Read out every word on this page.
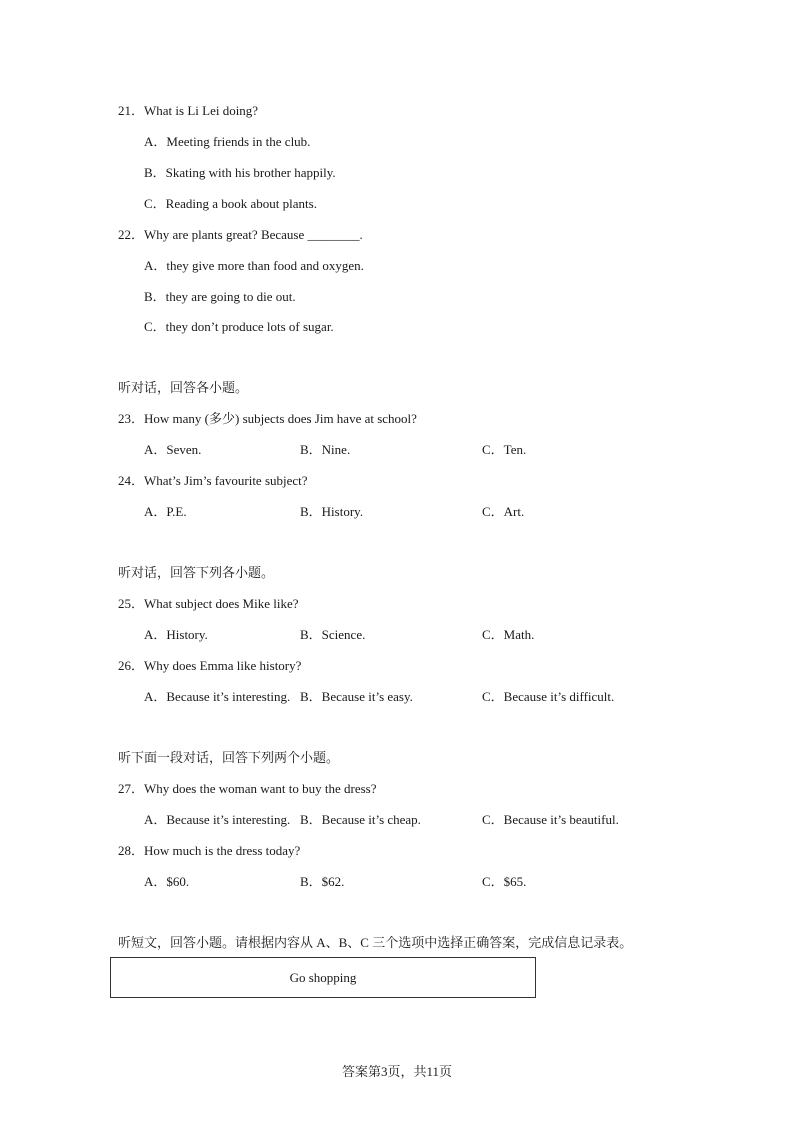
21．What is Li Lei doing?
A．Meeting friends in the club.
B．Skating with his brother happily.
C．Reading a book about plants.
22．Why are plants great? Because ________.
A．they give more than food and oxygen.
B．they are going to die out.
C．they don’t produce lots of sugar.
听对话，回答各小题。
23．How many (多少) subjects does Jim have at school?
A．Seven.	B．Nine.	C．Ten.
24．What’s Jim’s favourite subject?
A．P.E.	B．History.	C．Art.
听对话，回答下列各小题。
25．What subject does Mike like?
A．History.	B．Science.	C．Math.
26．Why does Emma like history?
A．Because it’s interesting. B．Because it’s easy.	C．Because it’s difficult.
听下面一段对话，回答下列两个小题。
27．Why does the woman want to buy the dress?
A．Because it’s interesting. B．Because it’s cheap.	C．Because it’s beautiful.
28．How much is the dress today?
A．$60.	B．$62.	C．$65.
听短文，回答小题。请根据内容从 A、B、C 三个选项中选择正确答案，完成信息记录表。
Go shopping
答案第3页，共11页
